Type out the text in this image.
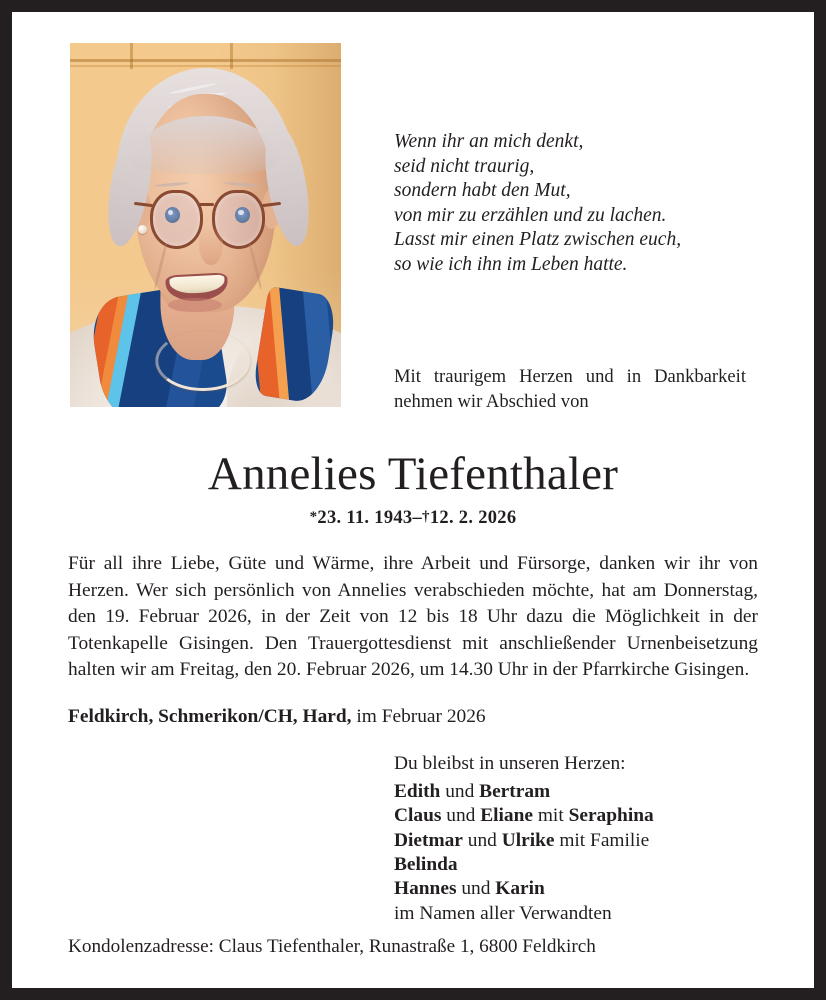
Wenn ihr an mich denkt,
seid nicht traurig,
sondern habt den Mut,
von mir zu erzählen und zu lachen.
Lasst mir einen Platz zwischen euch,
so wie ich ihn im Leben hatte.
Mit traurigem Herzen und in Dankbarkeit nehmen wir Abschied von
Annelies Tiefenthaler
*23. 11. 1943–†12. 2. 2026
Für all ihre Liebe, Güte und Wärme, ihre Arbeit und Fürsorge, danken wir ihr von Herzen. Wer sich persönlich von Annelies verabschieden möchte, hat am Donnerstag, den 19. Februar 2026, in der Zeit von 12 bis 18 Uhr dazu die Möglichkeit in der Totenkapelle Gisingen. Den Trauergottesdienst mit anschließender Urnenbeisetzung halten wir am Freitag, den 20. Februar 2026, um 14.30 Uhr in der Pfarrkirche Gisingen.
Feldkirch, Schmerikon/CH, Hard, im Februar 2026
Du bleibst in unseren Herzen:
Edith und Bertram
Claus und Eliane mit Seraphina
Dietmar und Ulrike mit Familie
Belinda
Hannes und Karin
im Namen aller Verwandten
Kondolenzadresse: Claus Tiefenthaler, Runastraße 1, 6800 Feldkirch
